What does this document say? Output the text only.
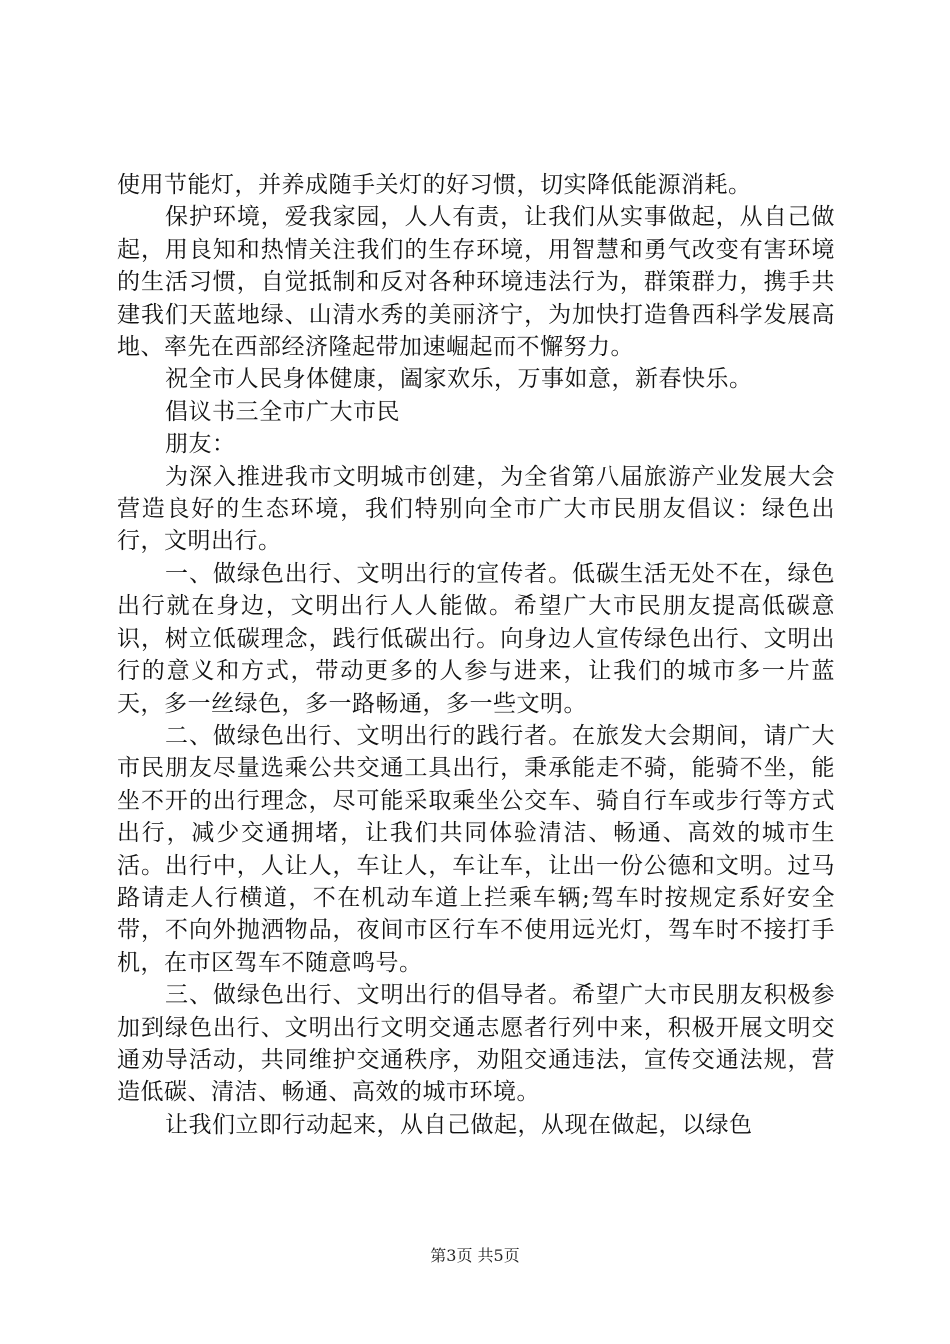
使用节能灯，并养成随手关灯的好习惯，切实降低能源消耗。

保护环境，爱我家园，人人有责，让我们从实事做起，从自己做起，用良知和热情关注我们的生存环境，用智慧和勇气改变有害环境的生活习惯，自觉抵制和反对各种环境违法行为，群策群力，携手共建我们天蓝地绿、山清水秀的美丽济宁，为加快打造鲁西科学发展高地、率先在西部经济隆起带加速崛起而不懈努力。

祝全市人民身体健康，阖家欢乐，万事如意，新春快乐。

倡议书三全市广大市民

朋友：

为深入推进我市文明城市创建，为全省第八届旅游产业发展大会营造良好的生态环境，我们特别向全市广大市民朋友倡议：绿色出行，文明出行。

一、做绿色出行、文明出行的宣传者。低碳生活无处不在，绿色出行就在身边，文明出行人人能做。希望广大市民朋友提高低碳意识，树立低碳理念，践行低碳出行。向身边人宣传绿色出行、文明出行的意义和方式，带动更多的人参与进来，让我们的城市多一片蓝天，多一丝绿色，多一路畅通，多一些文明。

二、做绿色出行、文明出行的践行者。在旅发大会期间，请广大市民朋友尽量选乘公共交通工具出行，秉承能走不骑，能骑不坐，能坐不开的出行理念，尽可能采取乘坐公交车、骑自行车或步行等方式出行，减少交通拥堵，让我们共同体验清洁、畅通、高效的城市生活。出行中，人让人，车让人，车让车，让出一份公德和文明。过马路请走人行横道，不在机动车道上拦乘车辆;驾车时按规定系好安全带，不向外抛洒物品，夜间市区行车不使用远光灯，驾车时不接打手机，在市区驾车不随意鸣号。

三、做绿色出行、文明出行的倡导者。希望广大市民朋友积极参加到绿色出行、文明出行文明交通志愿者行列中来，积极开展文明交通劝导活动，共同维护交通秩序，劝阻交通违法，宣传交通法规，营造低碳、清洁、畅通、高效的城市环境。

让我们立即行动起来，从自己做起，从现在做起，以绿色

第3页 共5页
